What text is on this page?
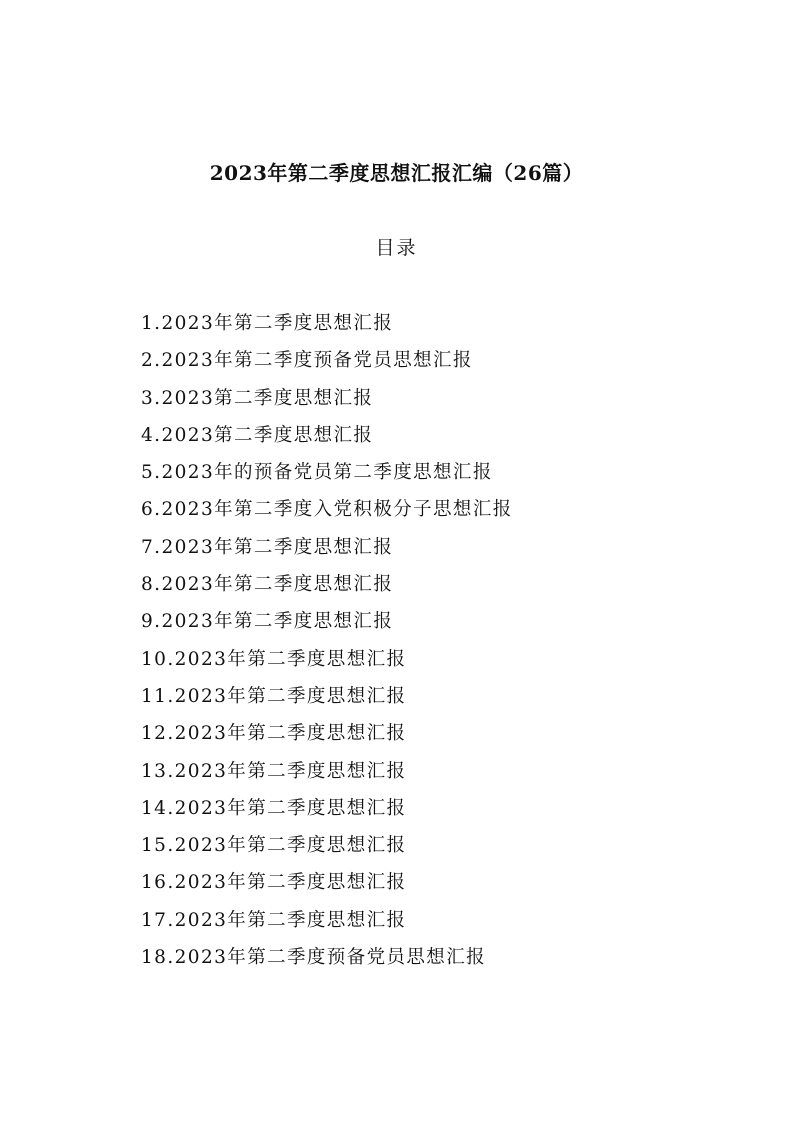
2023年第二季度思想汇报汇编（26篇）
目录
1.2023年第二季度思想汇报
2.2023年第二季度预备党员思想汇报
3.2023第二季度思想汇报
4.2023第二季度思想汇报
5.2023年的预备党员第二季度思想汇报
6.2023年第二季度入党积极分子思想汇报
7.2023年第二季度思想汇报
8.2023年第二季度思想汇报
9.2023年第二季度思想汇报
10.2023年第二季度思想汇报
11.2023年第二季度思想汇报
12.2023年第二季度思想汇报
13.2023年第二季度思想汇报
14.2023年第二季度思想汇报
15.2023年第二季度思想汇报
16.2023年第二季度思想汇报
17.2023年第二季度思想汇报
18.2023年第二季度预备党员思想汇报
